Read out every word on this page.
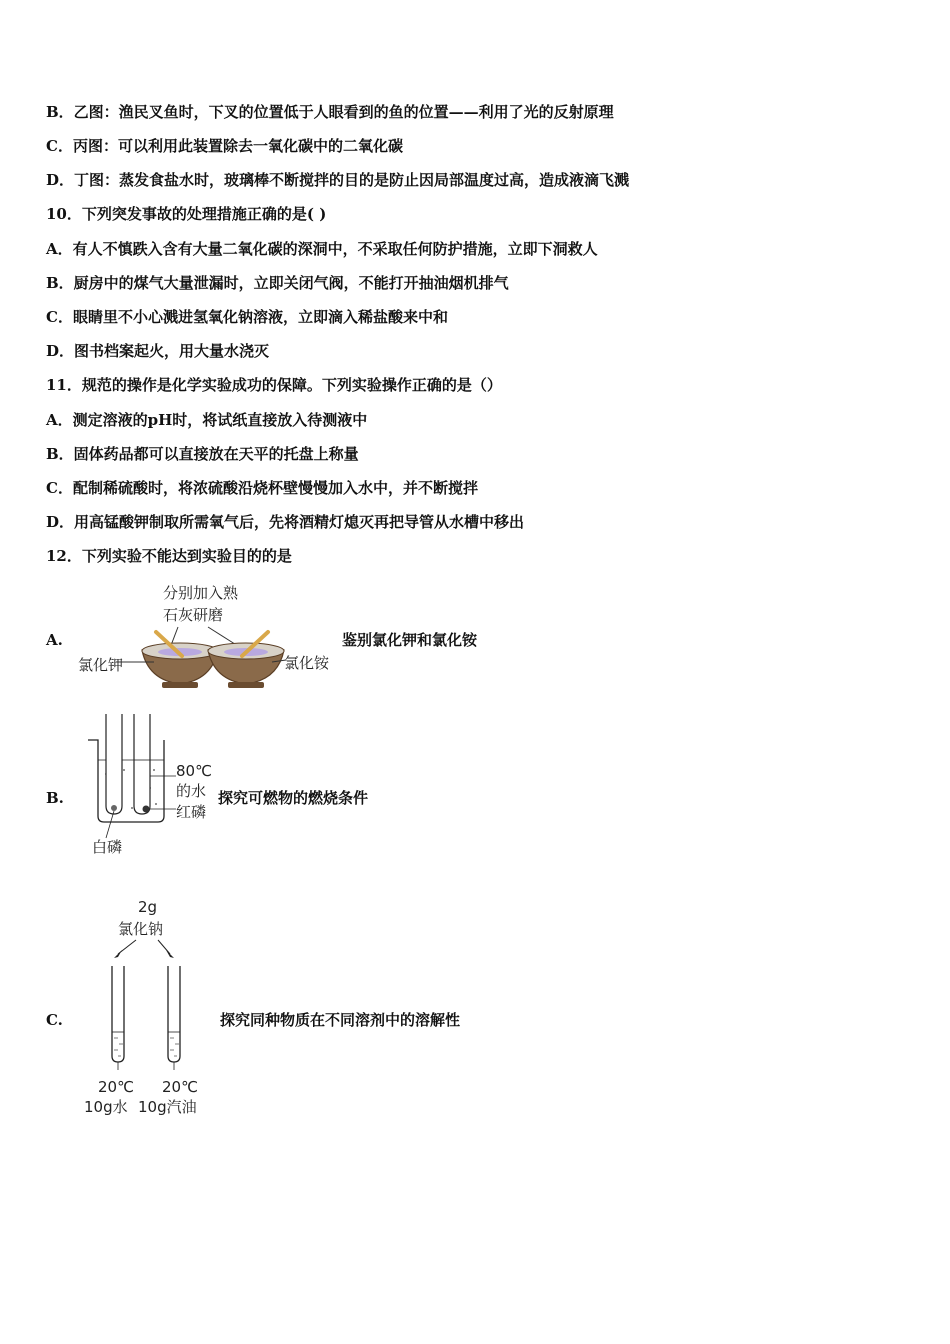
B．乙图：渔民叉鱼时，下叉的位置低于人眼看到的鱼的位置——利用了光的反射原理
C．丙图：可以利用此装置除去一氧化碳中的二氧化碳
D．丁图：蒸发食盐水时，玻璃棒不断搅拌的目的是防止因局部温度过高，造成液滴飞溅
10．下列突发事故的处理措施正确的是( )
A．有人不慎跌入含有大量二氧化碳的深洞中，不采取任何防护措施，立即下洞救人
B．厨房中的煤气大量泄漏时，立即关闭气阀，不能打开抽油烟机排气
C．眼睛里不小心溅进氢氧化钠溶液，立即滴入稀盐酸来中和
D．图书档案起火，用大量水浇灭
11．规范的操作是化学实验成功的保障。下列实验操作正确的是（）
A．测定溶液的pH时，将试纸直接放入待测液中
B．固体药品都可以直接放在天平的托盘上称量
C．配制稀硫酸时，将浓硫酸沿烧杯壁慢慢加入水中，并不断搅拌
D．用高锰酸钾制取所需氧气后，先将酒精灯熄灭再把导管从水槽中移出
12．下列实验不能达到实验目的的是
A.	鉴别氯化钾和氯化铵
分别加入熟
石灰研磨
氯化钾	氯化铵
B.	探究可燃物的燃烧条件
80℃
的水
红磷
白磷
C.	探究同种物质在不同溶剂中的溶解性
2g
氯化钠
20℃
10g水
20℃
10g汽油
